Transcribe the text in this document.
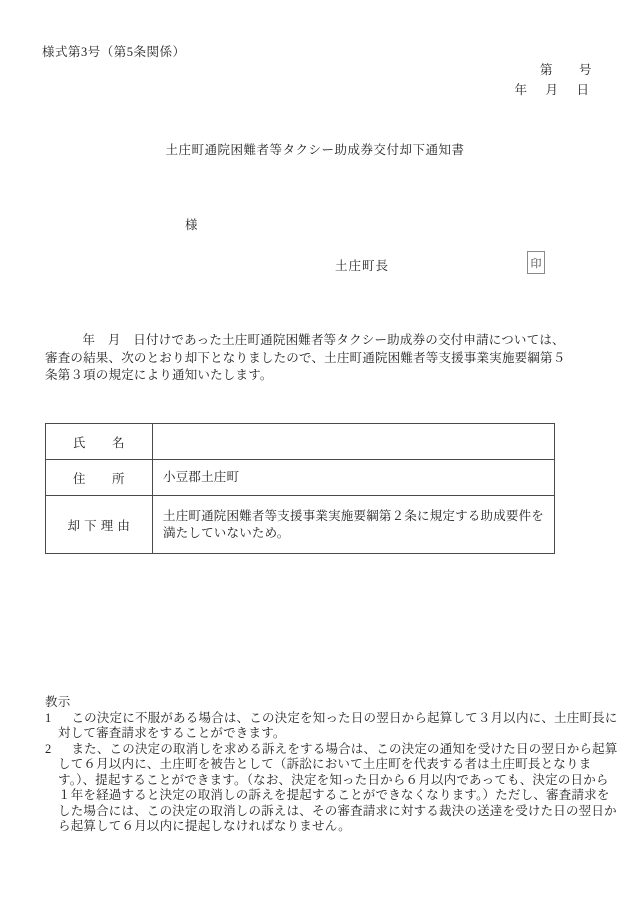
様式第3号（第5条関係）
第　　号
年　月　日
土庄町通院困難者等タクシー助成券交付却下通知書
様
土庄町長	印
年　月　日付けであった土庄町通院困難者等タクシー助成券の交付申請については、審査の結果、次のとおり却下となりましたので、土庄町通院困難者等支援事業実施要綱第５条第３項の規定により通知いたします。
氏　　名	
住　　所	小豆郡土庄町
却 下 理 由	土庄町通院困難者等支援事業実施要綱第２条に規定する助成要件を満たしていないため。

教示

1 この決定に不服がある場合は、この決定を知った日の翌日から起算して３月以内に、土庄町長に対して審査請求をすることができます。
2 また、この決定の取消しを求める訴えをする場合は、この決定の通知を受けた日の翌日から起算して６月以内に、土庄町を被告として（訴訟において土庄町を代表する者は土庄町長となります。）、提起することができます。（なお、決定を知った日から６月以内であっても、決定の日から１年を経過すると決定の取消しの訴えを提起することができなくなります。）ただし、審査請求をした場合には、この決定の取消しの訴えは、その審査請求に対する裁決の送達を受けた日の翌日から起算して６月以内に提起しなければなりません。
